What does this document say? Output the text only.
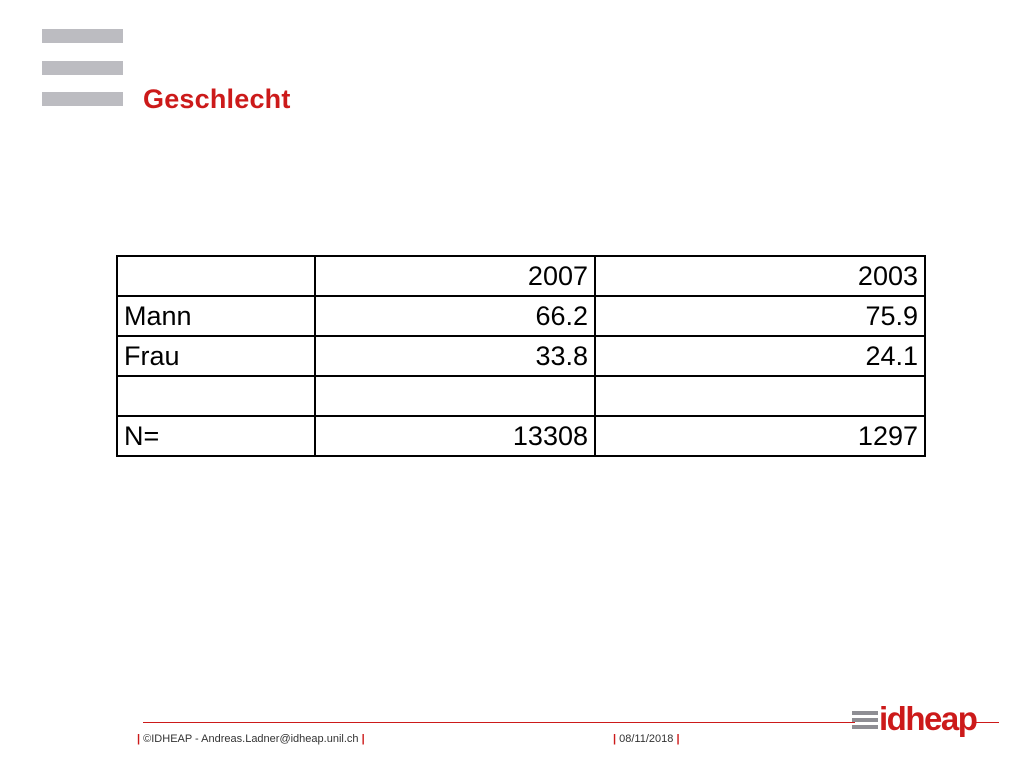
Geschlecht
	2007	2003
Mann	66.2	75.9
Frau	33.8	24.1

N=	13308	1297
| ©IDHEAP - Andreas.Ladner@idheap.unil.ch |	| 08/11/2018 |
idheap
